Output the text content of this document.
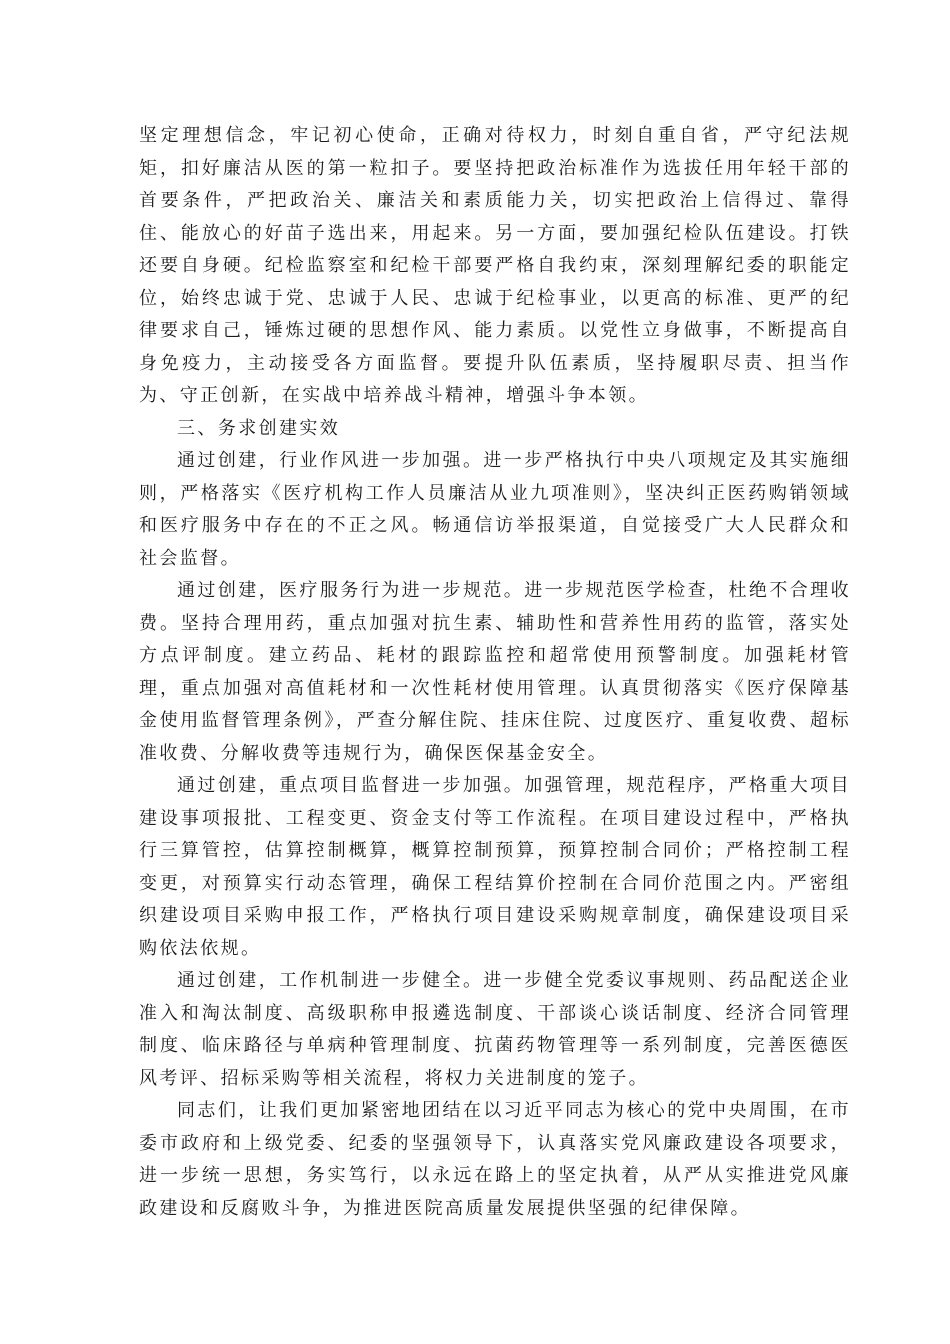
坚定理想信念，牢记初心使命，正确对待权力，时刻自重自省，严守纪法规矩，扣好廉洁从医的第一粒扣子。要坚持把政治标准作为选拔任用年轻干部的首要条件，严把政治关、廉洁关和素质能力关，切实把政治上信得过、靠得住、能放心的好苗子选出来，用起来。另一方面，要加强纪检队伍建设。打铁还要自身硬。纪检监察室和纪检干部要严格自我约束，深刻理解纪委的职能定位，始终忠诚于党、忠诚于人民、忠诚于纪检事业，以更高的标准、更严的纪律要求自己，锤炼过硬的思想作风、能力素质。以党性立身做事，不断提高自身免疫力，主动接受各方面监督。要提升队伍素质，坚持履职尽责、担当作为、守正创新，在实战中培养战斗精神，增强斗争本领。

三、务求创建实效

通过创建，行业作风进一步加强。进一步严格执行中央八项规定及其实施细则，严格落实《医疗机构工作人员廉洁从业九项准则》，坚决纠正医药购销领域和医疗服务中存在的不正之风。畅通信访举报渠道，自觉接受广大人民群众和社会监督。

通过创建，医疗服务行为进一步规范。进一步规范医学检查，杜绝不合理收费。坚持合理用药，重点加强对抗生素、辅助性和营养性用药的监管，落实处方点评制度。建立药品、耗材的跟踪监控和超常使用预警制度。加强耗材管理，重点加强对高值耗材和一次性耗材使用管理。认真贯彻落实《医疗保障基金使用监督管理条例》，严查分解住院、挂床住院、过度医疗、重复收费、超标准收费、分解收费等违规行为，确保医保基金安全。

通过创建，重点项目监督进一步加强。加强管理，规范程序，严格重大项目建设事项报批、工程变更、资金支付等工作流程。在项目建设过程中，严格执行三算管控，估算控制概算，概算控制预算，预算控制合同价；严格控制工程变更，对预算实行动态管理，确保工程结算价控制在合同价范围之内。严密组织建设项目采购申报工作，严格执行项目建设采购规章制度，确保建设项目采购依法依规。

通过创建，工作机制进一步健全。进一步健全党委议事规则、药品配送企业准入和淘汰制度、高级职称申报遴选制度、干部谈心谈话制度、经济合同管理制度、临床路径与单病种管理制度、抗菌药物管理等一系列制度，完善医德医风考评、招标采购等相关流程，将权力关进制度的笼子。

同志们，让我们更加紧密地团结在以习近平同志为核心的党中央周围，在市委市政府和上级党委、纪委的坚强领导下，认真落实党风廉政建设各项要求，进一步统一思想，务实笃行，以永远在路上的坚定执着，从严从实推进党风廉政建设和反腐败斗争，为推进医院高质量发展提供坚强的纪律保障。
